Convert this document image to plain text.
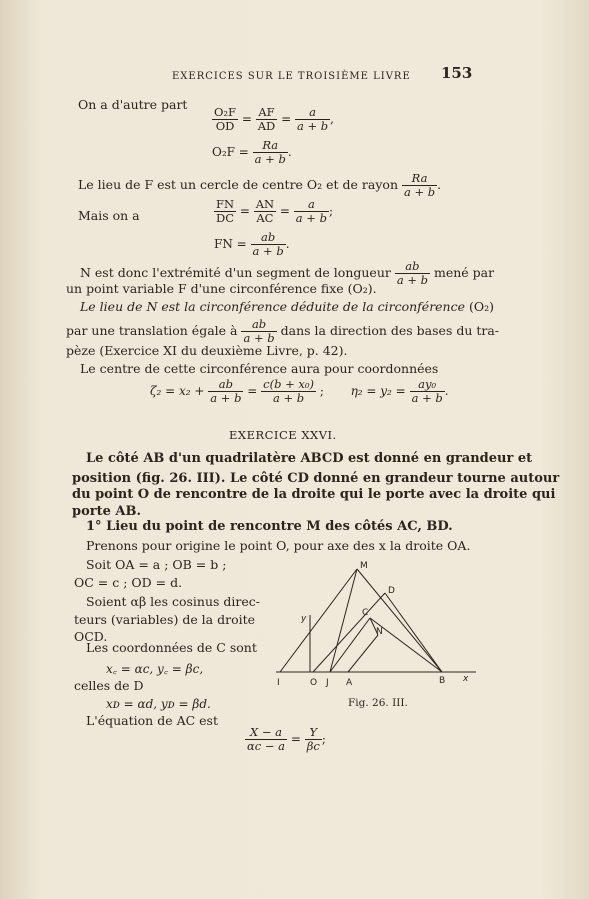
EXERCICES SUR LE TROISIÈME LIVRE 153
On a d'autre part
$\frac{\text{O₂F}}{OD} = \frac{AF}{AD} = \frac{a}{a + b}$ ,
$O_2F = \frac{Ra}{a + b}$ .
Le lieu de F est un cercle de centre O₂ et de rayon $\frac{Ra}{a + b}$ .
Mais on a	$\frac{FN}{DC} = \frac{AN}{AC} = \frac{a}{a + b}$ ;
FN = $\frac{ab}{a + b}$ .
N est donc l'extrémité d'un segment de longueur $\frac{ab}{a + b}$ mené par
un point variable F d'une circonférence fixe (O₂).
Le lieu de N est la circonférence déduite de la circonférence (O₂)
par une translation égale à $\frac{ab}{a + b}$ dans la direction des bases du tra-
pèze (Exercice XI du deuxième Livre, p. 42).
Le centre de cette circonférence aura pour coordonnées
$\zeta_2 = x_2 + \frac{ab}{a + b} = \frac{\text{c(b + x₀)}}{a + b}$ ; $\eta_2 = y_2 = \frac{\text{ay₀}}{a + b}$ .
EXERCICE XXVI.
Le côté AB d'un quadrilatère ABCD est donné en grandeur et
position (fig. 26. III). Le côté CD donné en grandeur tourne autour
du point O de rencontre de la droite qui le porte avec la droite qui
porte AB.
1° Lieu du point de rencontre M des côtés AC, BD.
Prenons pour origine le point O, pour axe des x la droite OA.
Soit OA = a ; OB = b ;
OC = c ; OD = d.
Soient αβ les cosinus direc-
teurs (variables) de la droite
OCD.
Les coordonnées de C sont
x꜀ = αc, y꜀ = βc,
celles de D
xᴅ = αd, yᴅ = βd.
L'équation de AC est
$\frac{X - a}{\alpha c - a} = \frac{Y}{\beta c}$ ;
M
D
C
N
y
I	O J A	B x
Fig. 26. III.
